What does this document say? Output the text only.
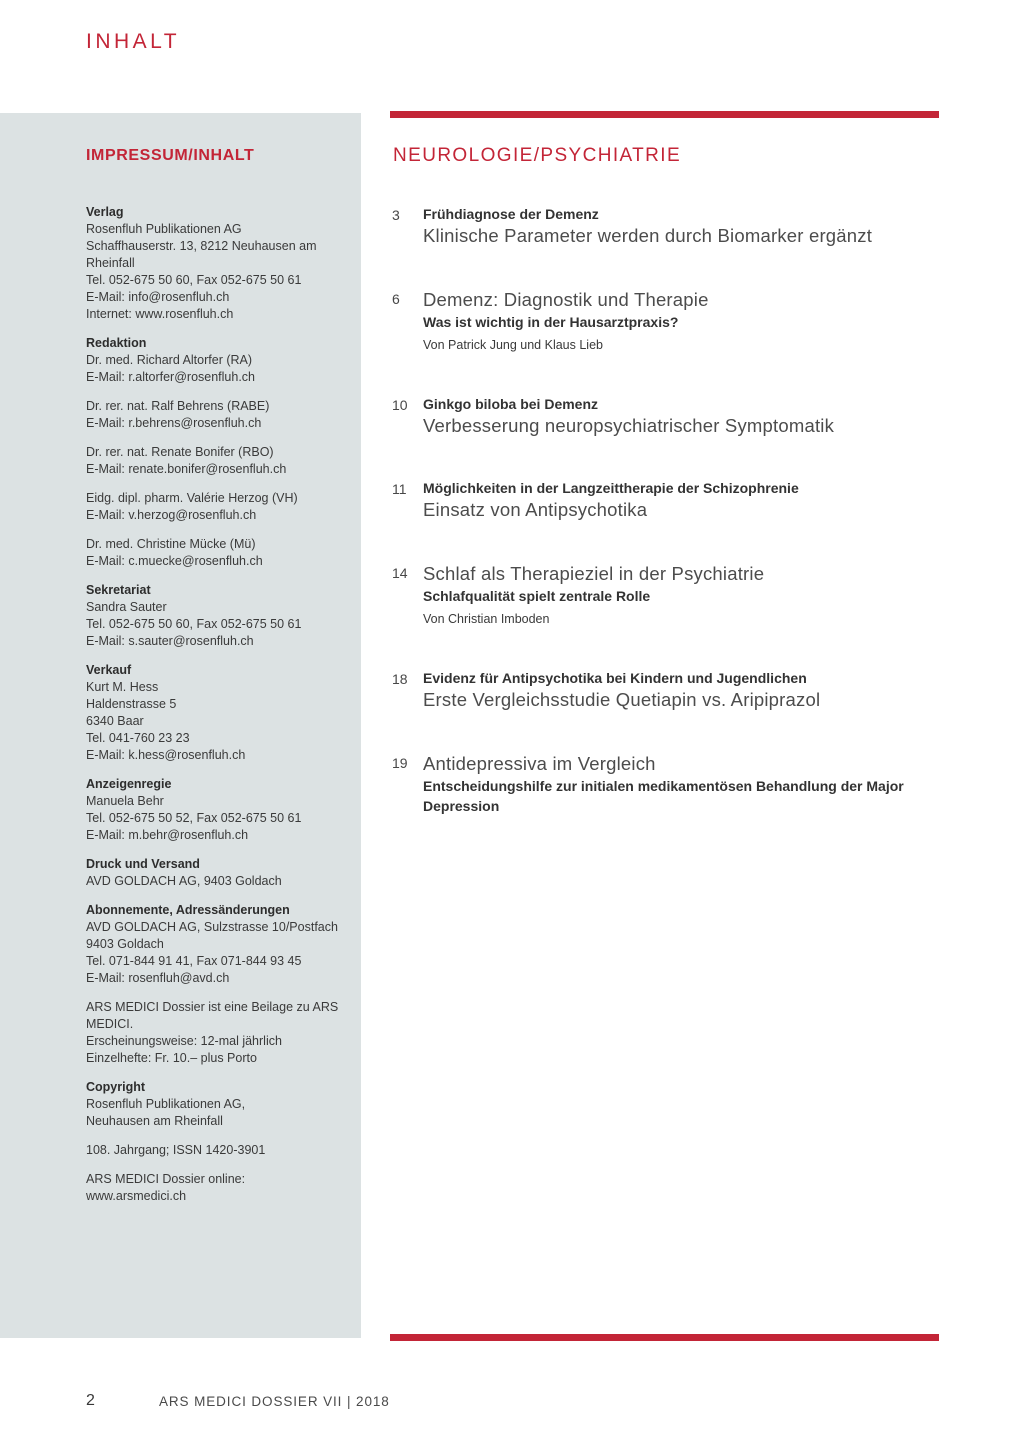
INHALT
IMPRESSUM/INHALT
Verlag
Rosenfluh Publikationen AG
Schaffhauserstr. 13, 8212 Neuhausen am Rheinfall
Tel. 052-675 50 60, Fax 052-675 50 61
E-Mail: info@rosenfluh.ch
Internet: www.rosenfluh.ch
Redaktion
Dr. med. Richard Altorfer (RA)
E-Mail: r.altorfer@rosenfluh.ch
Dr. rer. nat. Ralf Behrens (RABE)
E-Mail: r.behrens@rosenfluh.ch
Dr. rer. nat. Renate Bonifer (RBO)
E-Mail: renate.bonifer@rosenfluh.ch
Eidg. dipl. pharm. Valérie Herzog (VH)
E-Mail: v.herzog@rosenfluh.ch
Dr. med. Christine Mücke (Mü)
E-Mail: c.muecke@rosenfluh.ch
Sekretariat
Sandra Sauter
Tel. 052-675 50 60, Fax 052-675 50 61
E-Mail: s.sauter@rosenfluh.ch
Verkauf
Kurt M. Hess
Haldenstrasse 5
6340 Baar
Tel. 041-760 23 23
E-Mail: k.hess@rosenfluh.ch
Anzeigenregie
Manuela Behr
Tel. 052-675 50 52, Fax 052-675 50 61
E-Mail: m.behr@rosenfluh.ch
Druck und Versand
AVD GOLDACH AG, 9403 Goldach
Abonnemente, Adressänderungen
AVD GOLDACH AG, Sulzstrasse 10/Postfach
9403 Goldach
Tel. 071-844 91 41, Fax 071-844 93 45
E-Mail: rosenfluh@avd.ch
ARS MEDICI Dossier ist eine Beilage zu ARS MEDICI.
Erscheinungsweise: 12-mal jährlich
Einzelhefte: Fr. 10.– plus Porto
Copyright
Rosenfluh Publikationen AG,
Neuhausen am Rheinfall
108. Jahrgang; ISSN 1420-3901
ARS MEDICI Dossier online: www.arsmedici.ch
NEUROLOGIE/PSYCHIATRIE
3	Frühdiagnose der Demenz
Klinische Parameter werden durch Biomarker ergänzt
6	Demenz: Diagnostik und Therapie
Was ist wichtig in der Hausarztpraxis?
Von Patrick Jung und Klaus Lieb
10	Ginkgo biloba bei Demenz
Verbesserung neuropsychiatrischer Symptomatik
11	Möglichkeiten in der Langzeittherapie der Schizophrenie
Einsatz von Antipsychotika
14 Schlaf als Therapieziel in der Psychiatrie
Schlafqualität spielt zentrale Rolle
Von Christian Imboden
18	Evidenz für Antipsychotika bei Kindern und Jugendlichen
Erste Vergleichsstudie Quetiapin vs. Aripiprazol
19 Antidepressiva im Vergleich
Entscheidungshilfe zur initialen medikamentösen Behandlung der Major Depression
2	ARS MEDICI DOSSIER VII | 2018
